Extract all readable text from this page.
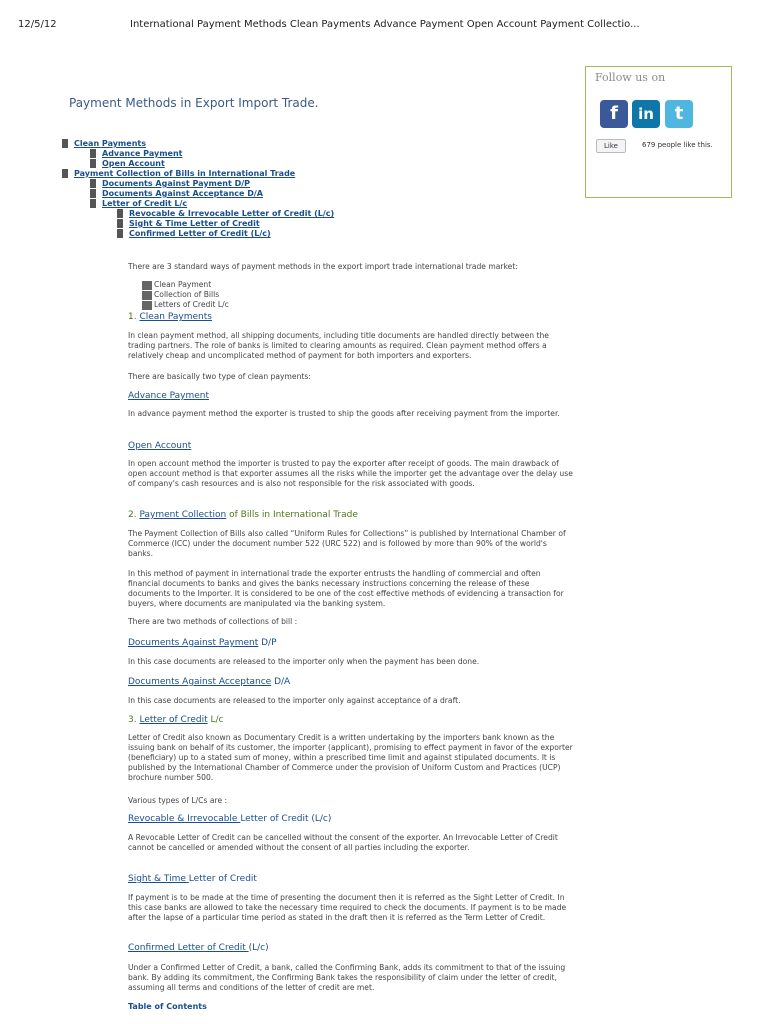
12/5/12	International Payment Methods Clean Payments Advance Payment Open Account Payment Collectio...
Payment Methods in Export Import Trade.
Clean Payments
Advance Payment
Open Account
Payment Collection of Bills in International Trade
Documents Against Payment D/P
Documents Against Acceptance D/A
Letter of Credit L/c
Revocable & Irrevocable Letter of Credit (L/c)
Sight & Time Letter of Credit
Confirmed Letter of Credit (L/c)
Follow us on
f	in	t
Like	679 people like this.
There are 3 standard ways of payment methods in the export import trade international trade market:
Clean Payment
Collection of Bills
Letters of Credit L/c
1. Clean Payments
In clean payment method, all shipping documents, including title documents are handled directly between the trading partners. The role of banks is limited to clearing amounts as required. Clean payment method offers a relatively cheap and uncomplicated method of payment for both importers and exporters.
There are basically two type of clean payments:
Advance Payment
In advance payment method the exporter is trusted to ship the goods after receiving payment from the importer.
Open Account
In open account method the importer is trusted to pay the exporter after receipt of goods. The main drawback of open account method is that exporter assumes all the risks while the importer get the advantage over the delay use of company's cash resources and is also not responsible for the risk associated with goods.
2. Payment Collection of Bills in International Trade
The Payment Collection of Bills also called “Uniform Rules for Collections” is published by International Chamber of Commerce (ICC) under the document number 522 (URC 522) and is followed by more than 90% of the world's banks.
In this method of payment in international trade the exporter entrusts the handling of commercial and often financial documents to banks and gives the banks necessary instructions concerning the release of these documents to the Importer. It is considered to be one of the cost effective methods of evidencing a transaction for buyers, where documents are manipulated via the banking system.
There are two methods of collections of bill :
Documents Against Payment D/P
In this case documents are released to the importer only when the payment has been done.
Documents Against Acceptance D/A
In this case documents are released to the importer only against acceptance of a draft.
3. Letter of Credit L/c
Letter of Credit also known as Documentary Credit is a written undertaking by the importers bank known as the issuing bank on behalf of its customer, the importer (applicant), promising to effect payment in favor of the exporter (beneficiary) up to a stated sum of money, within a prescribed time limit and against stipulated documents. It is published by the International Chamber of Commerce under the provision of Uniform Custom and Practices (UCP) brochure number 500.
Various types of L/Cs are :
Revocable & Irrevocable Letter of Credit (L/c)
A Revocable Letter of Credit can be cancelled without the consent of the exporter. An Irrevocable Letter of Credit cannot be cancelled or amended without the consent of all parties including the exporter.
Sight & Time Letter of Credit
If payment is to be made at the time of presenting the document then it is referred as the Sight Letter of Credit. In this case banks are allowed to take the necessary time required to check the documents. If payment is to be made after the lapse of a particular time period as stated in the draft then it is referred as the Term Letter of Credit.
Confirmed Letter of Credit (L/c)
Under a Confirmed Letter of Credit, a bank, called the Confirming Bank, adds its commitment to that of the issuing bank. By adding its commitment, the Confirming Bank takes the responsibility of claim under the letter of credit, assuming all terms and conditions of the letter of credit are met.
Table of Contents
